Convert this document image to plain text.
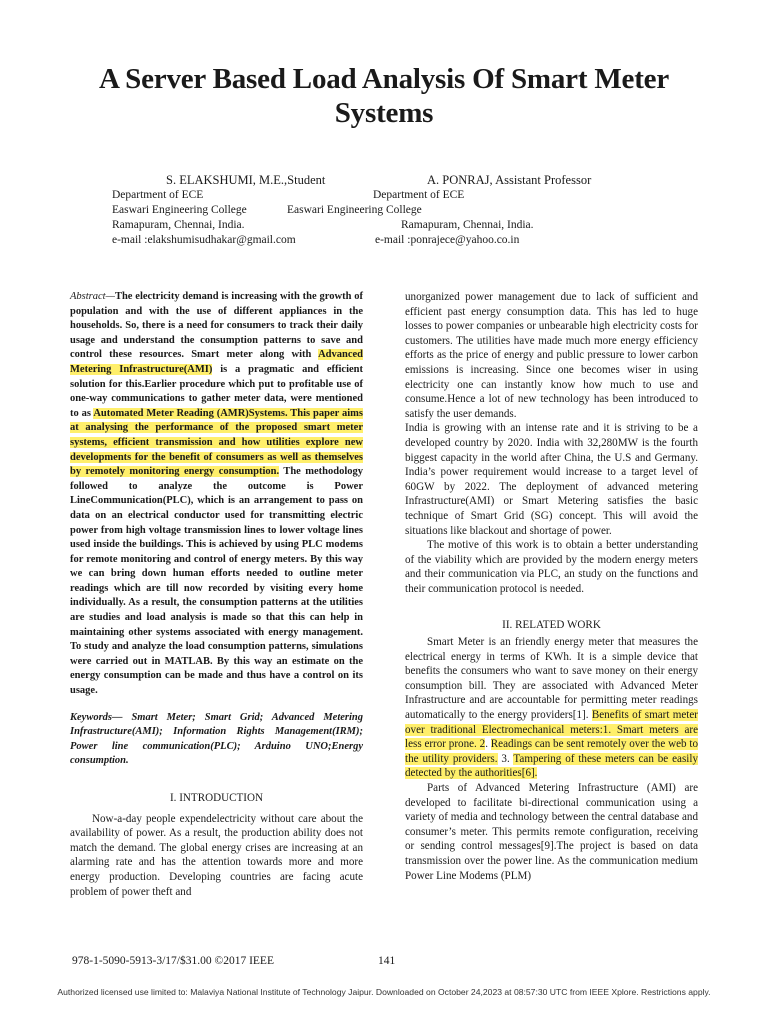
A Server Based Load Analysis Of Smart Meter Systems
S. ELAKSHUMI, M.E.,Student	A. PONRAJ, Assistant Professor
Department of ECE	Department of ECE
Easwari Engineering College	Easwari Engineering College
Ramapuram, Chennai, India.	Ramapuram, Chennai, India.
e-mail :elakshumisudhakar@gmail.com	e-mail :ponrajece@yahoo.co.in

Abstract—The electricity demand is increasing with the growth of population and with the use of different appliances in the households. So, there is a need for consumers to track their daily usage and understand the consumption patterns to save and control these resources. Smart meter along with Advanced Metering Infrastructure(AMI) is a pragmatic and efficient solution for this.Earlier procedure which put to profitable use of one-way communications to gather meter data, were mentioned to as Automated Meter Reading (AMR)Systems. This paper aims at analysing the performance of the proposed smart meter systems, efficient transmission and how utilities explore new developments for the benefit of consumers as well as themselves by remotely monitoring energy consumption. The methodology followed to analyze the outcome is Power LineCommunication(PLC), which is an arrangement to pass on data on an electrical conductor used for transmitting electric power from high voltage transmission lines to lower voltage lines used inside the buildings. This is achieved by using PLC modems for remote monitoring and control of energy meters. By this way we can bring down human efforts needed to outline meter readings which are till now recorded by visiting every home individually. As a result, the consumption patterns at the utilities are studies and load analysis is made so that this can help in maintaining other systems associated with energy management. To study and analyze the load consumption patterns, simulations were carried out in MATLAB. By this way an estimate on the energy consumption can be made and thus have a control on its usage.

Keywords— Smart Meter; Smart Grid; Advanced Metering Infrastructure(AMI); Information Rights Management(IRM); Power line communication(PLC); Arduino UNO;Energy consumption.

I. INTRODUCTION

Now-a-day people expendelectricity without care about the availability of power. As a result, the production ability does not match the demand. The global energy crises are increasing at an alarming rate and has the attention towards more and more energy production. Developing countries are facing acute problem of power theft and

unorganized power management due to lack of sufficient and efficient past energy consumption data. This has led to huge losses to power companies or unbearable high electricity costs for customers. The utilities have made much more energy efficiency efforts as the price of energy and public pressure to lower carbon emissions is increasing. Since one becomes wiser in using electricity one can instantly know how much to use and consume.Hence a lot of new technology has been introduced to satisfy the user demands.

India is growing with an intense rate and it is striving to be a developed country by 2020. India with 32,280MW is the fourth biggest capacity in the world after China, the U.S and Germany. India’s power requirement would increase to a target level of 60GW by 2022. The deployment of advanced metering Infrastructure(AMI) or Smart Metering satisfies the basic technique of Smart Grid (SG) concept. This will avoid the situations like blackout and shortage of power.

The motive of this work is to obtain a better understanding of the viability which are provided by the modern energy meters and their communication via PLC, an study on the functions and their communication protocol is needed.

II. RELATED WORK

Smart Meter is an friendly energy meter that measures the electrical energy in terms of KWh. It is a simple device that benefits the consumers who want to save money on their energy consumption bill. They are associated with Advanced Meter Infrastructure and are accountable for permitting meter readings automatically to the energy providers[1]. Benefits of smart meter over traditional Electromechanical meters:1. Smart meters are less error prone. 2. Readings can be sent remotely over the web to the utility providers. 3. Tampering of these meters can be easily detected by the authorities[6].

Parts of Advanced Metering Infrastructure (AMI) are developed to facilitate bi-directional communication using a variety of media and technology between the central database and consumer’s meter. This permits remote configuration, receiving or sending control messages[9].The project is based on data transmission over the power line. As the communication medium Power Line Modems (PLM)

978-1-5090-5913-3/17/$31.00 ©2017 IEEE	141
Authorized licensed use limited to: Malaviya National Institute of Technology Jaipur. Downloaded on October 24,2023 at 08:57:30 UTC from IEEE Xplore. Restrictions apply.
